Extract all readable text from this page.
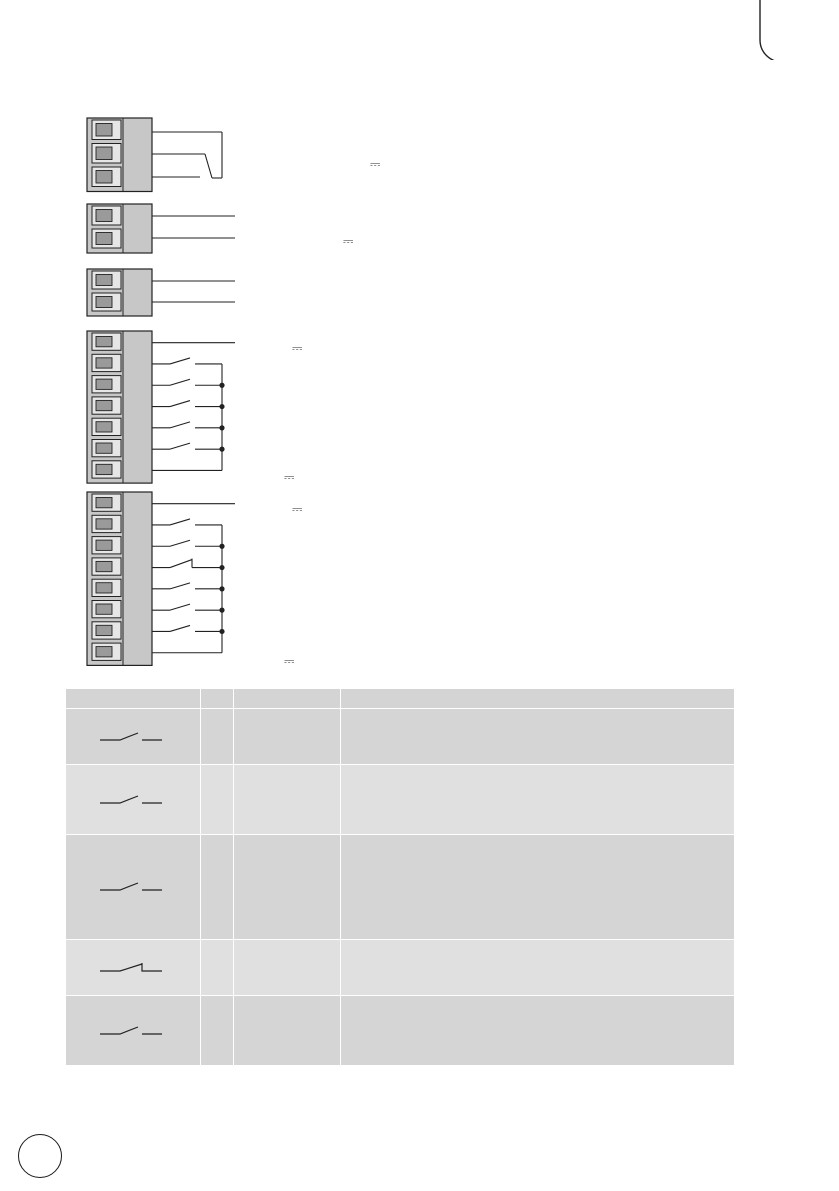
⎓
⎓
⎓
⎓
⎓
⎓
